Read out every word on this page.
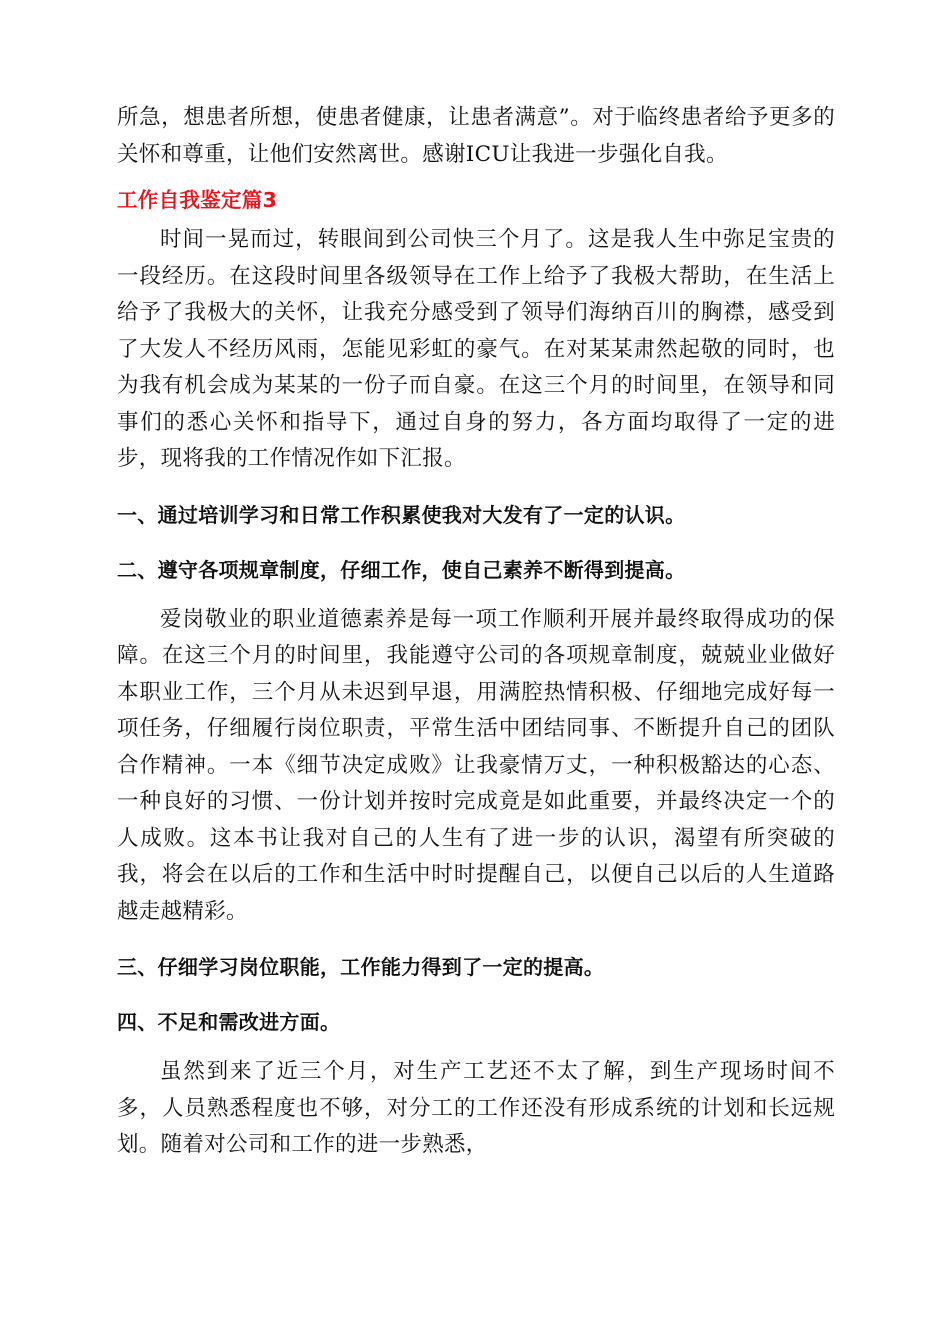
所急，想患者所想，使患者健康，让患者满意”。对于临终患者给予更多的关怀和尊重，让他们安然离世。感谢ICU让我进一步强化自我。

工作自我鉴定篇3

时间一晃而过，转眼间到公司快三个月了。这是我人生中弥足宝贵的一段经历。在这段时间里各级领导在工作上给予了我极大帮助，在生活上给予了我极大的关怀，让我充分感受到了领导们海纳百川的胸襟，感受到了大发人不经历风雨，怎能见彩虹的豪气。在对某某肃然起敬的同时，也为我有机会成为某某的一份子而自豪。在这三个月的时间里，在领导和同事们的悉心关怀和指导下，通过自身的努力，各方面均取得了一定的进步，现将我的工作情况作如下汇报。

一、通过培训学习和日常工作积累使我对大发有了一定的认识。

二、遵守各项规章制度，仔细工作，使自己素养不断得到提高。

爱岗敬业的职业道德素养是每一项工作顺利开展并最终取得成功的保障。在这三个月的时间里，我能遵守公司的各项规章制度，兢兢业业做好本职业工作，三个月从未迟到早退，用满腔热情积极、仔细地完成好每一项任务，仔细履行岗位职责，平常生活中团结同事、不断提升自己的团队合作精神。一本《细节决定成败》让我豪情万丈，一种积极豁达的心态、一种良好的习惯、一份计划并按时完成竟是如此重要，并最终决定一个的人成败。这本书让我对自己的人生有了进一步的认识，渴望有所突破的我，将会在以后的工作和生活中时时提醒自己，以便自己以后的人生道路越走越精彩。

三、仔细学习岗位职能，工作能力得到了一定的提高。

四、不足和需改进方面。

虽然到来了近三个月，对生产工艺还不太了解，到生产现场时间不多，人员熟悉程度也不够，对分工的工作还没有形成系统的计划和长远规划。随着对公司和工作的进一步熟悉，
